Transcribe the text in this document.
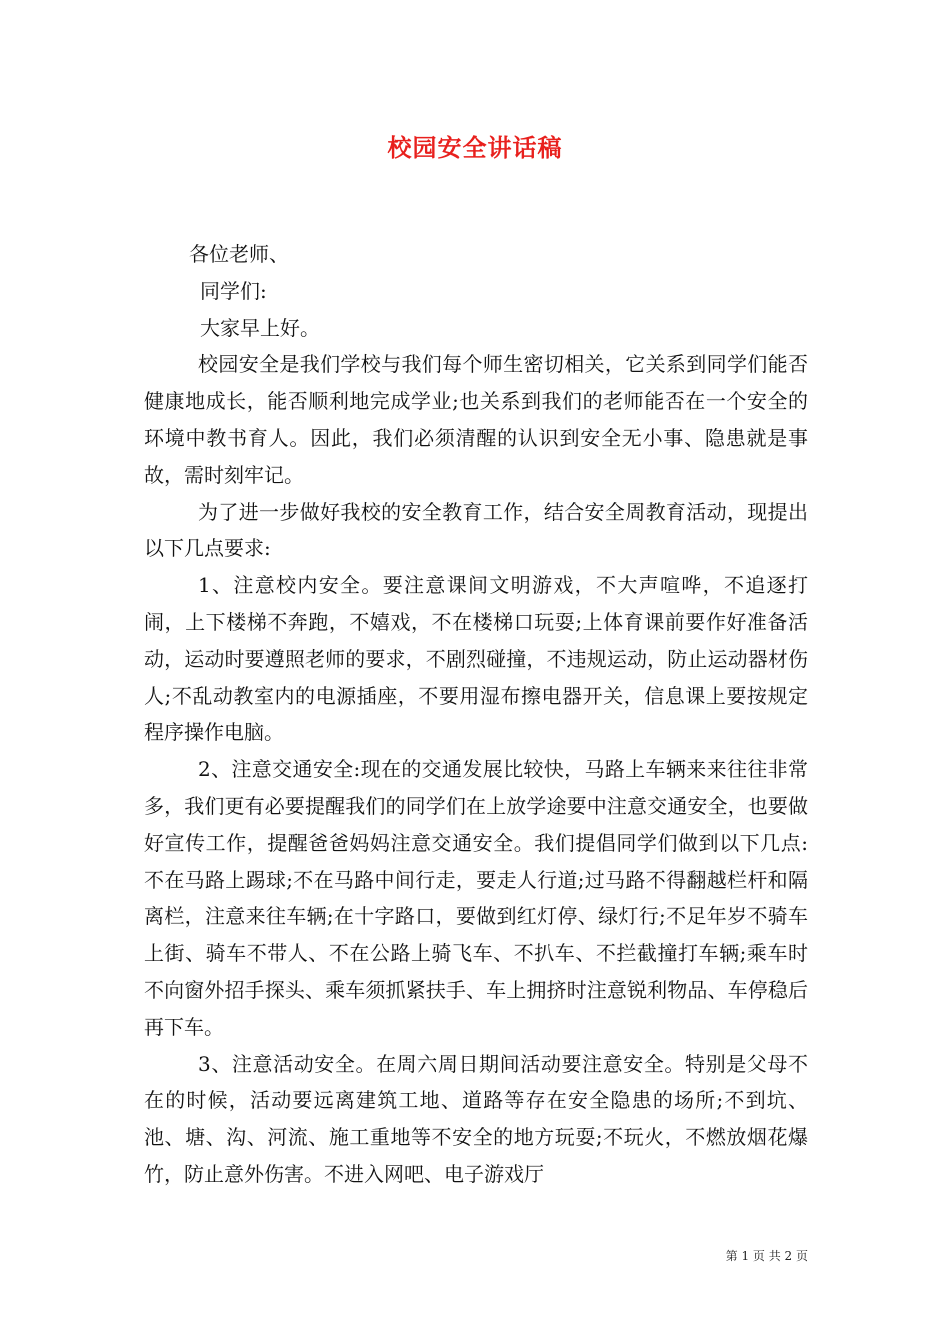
校园安全讲话稿

各位老师、

同学们:

大家早上好。

校园安全是我们学校与我们每个师生密切相关，它关系到同学们能否健康地成长，能否顺利地完成学业;也关系到我们的老师能否在一个安全的环境中教书育人。因此，我们必须清醒的认识到安全无小事、隐患就是事故，需时刻牢记。

为了进一步做好我校的安全教育工作，结合安全周教育活动，现提出以下几点要求:

1、注意校内安全。要注意课间文明游戏，不大声喧哗，不追逐打闹，上下楼梯不奔跑，不嬉戏，不在楼梯口玩耍;上体育课前要作好准备活动，运动时要遵照老师的要求，不剧烈碰撞，不违规运动，防止运动器材伤人;不乱动教室内的电源插座，不要用湿布擦电器开关，信息课上要按规定程序操作电脑。

2、注意交通安全:现在的交通发展比较快，马路上车辆来来往往非常多，我们更有必要提醒我们的同学们在上放学途要中注意交通安全，也要做好宣传工作，提醒爸爸妈妈注意交通安全。我们提倡同学们做到以下几点:不在马路上踢球;不在马路中间行走，要走人行道;过马路不得翻越栏杆和隔离栏，注意来往车辆;在十字路口，要做到红灯停、绿灯行;不足年岁不骑车上街、骑车不带人、不在公路上骑飞车、不扒车、不拦截撞打车辆;乘车时不向窗外招手探头、乘车须抓紧扶手、车上拥挤时注意锐利物品、车停稳后再下车。

3、注意活动安全。在周六周日期间活动要注意安全。特别是父母不在的时候，活动要远离建筑工地、道路等存在安全隐患的场所;不到坑、池、塘、沟、河流、施工重地等不安全的地方玩耍;不玩火，不燃放烟花爆竹，防止意外伤害。不进入网吧、电子游戏厅

第 1 页 共 2 页
